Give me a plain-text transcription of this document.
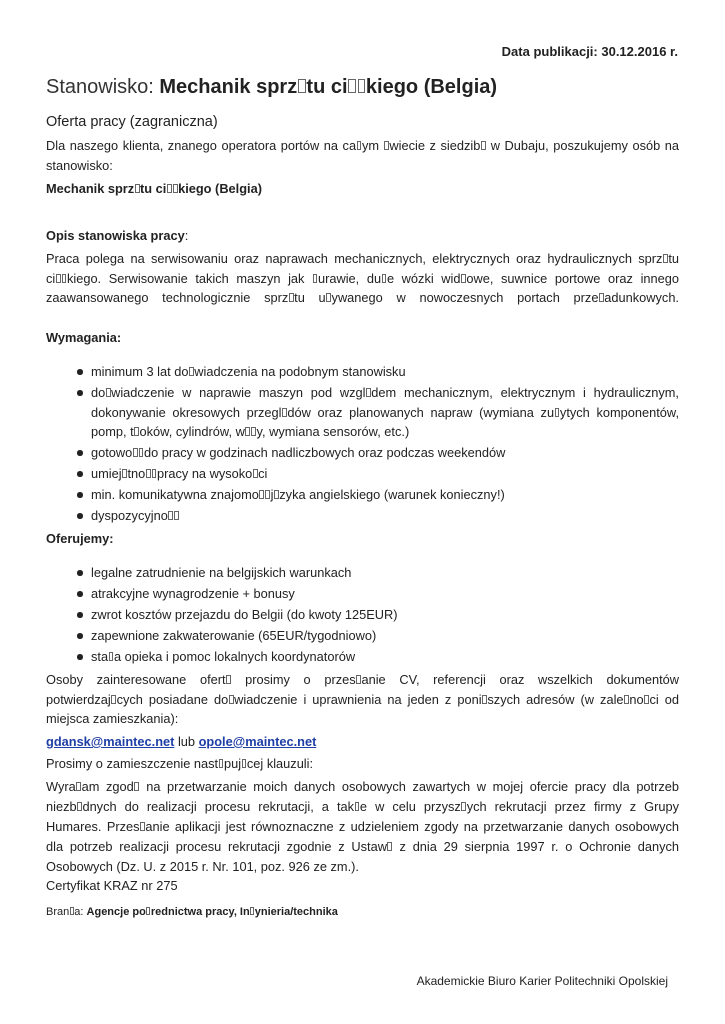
Data publikacji: 30.12.2016 r.
Stanowisko: Mechanik sprz tu ci kiego (Belgia)
Oferta pracy (zagraniczna)
Dla naszego klienta, znanego operatora portów na ca ym wiecie z siedzib w Dubaju, poszukujemy osób na
stanowisko:
Mechanik sprz tu ci kiego (Belgia)
Opis stanowiska pracy:
Praca polega na serwisowaniu oraz naprawach mechanicznych, elektrycznych oraz hydraulicznych sprz tu
ci kiego. Serwisowanie takich maszyn jak urawie, du e wózki wid owe, suwnice portowe oraz innego
zaawansowanego technologicznie sprz tu u ywanego w nowoczesnych portach prze adunkowych.
Wymagania:
minimum 3 lat do wiadczenia na podobnym stanowisku
do wiadczenie w naprawie maszyn pod wzgl dem mechanicznym, elektrycznym i hydraulicznym,
dokonywanie okresowych przegl dów oraz planowanych napraw (wymiana zu ytych komponentów,
pomp, t oków, cylindrów, w y, wymiana sensorów, etc.)
gotowo do pracy w godzinach nadliczbowych oraz podczas weekendów
umiej tno pracy na wysoko ci
min. komunikatywna znajomo j zyka angielskiego (warunek konieczny!)
dyspozycyjno
Oferujemy:
legalne zatrudnienie na belgijskich warunkach
atrakcyjne wynagrodzenie + bonusy
zwrot kosztów przejazdu do Belgii (do kwoty 125EUR)
zapewnione zakwaterowanie (65EUR/tygodniowo)
sta a opieka i pomoc lokalnych koordynatorów
Osoby zainteresowane ofert prosimy o przes anie CV, referencji oraz wszelkich dokumentów
potwierdzaj cych posiadane do wiadczenie i uprawnienia na jeden z poni szych adresów (w zale no ci od
miejsca zamieszkania):
gdansk@maintec.net lub opole@maintec.net
Prosimy o zamieszczenie nast puj cej klauzuli:
Wyra am zgod na przetwarzanie moich danych osobowych zawartych w mojej ofercie pracy dla potrzeb
niezb dnych do realizacji procesu rekrutacji, a tak e w celu przysz ych rekrutacji przez firmy z Grupy
Humares. Przes anie aplikacji jest równoznaczne z udzieleniem zgody na przetwarzanie danych osobowych
dla potrzeb realizacji procesu rekrutacji zgodnie z Ustaw z dnia 29 sierpnia 1997 r. o Ochronie danych
Osobowych (Dz. U. z 2015 r. Nr. 101, poz. 926 ze zm.).
Certyfikat KRAZ nr 275
Bran a: Agencje po rednictwa pracy, In ynieria/technika
Akademickie Biuro Karier Politechniki Opolskiej
